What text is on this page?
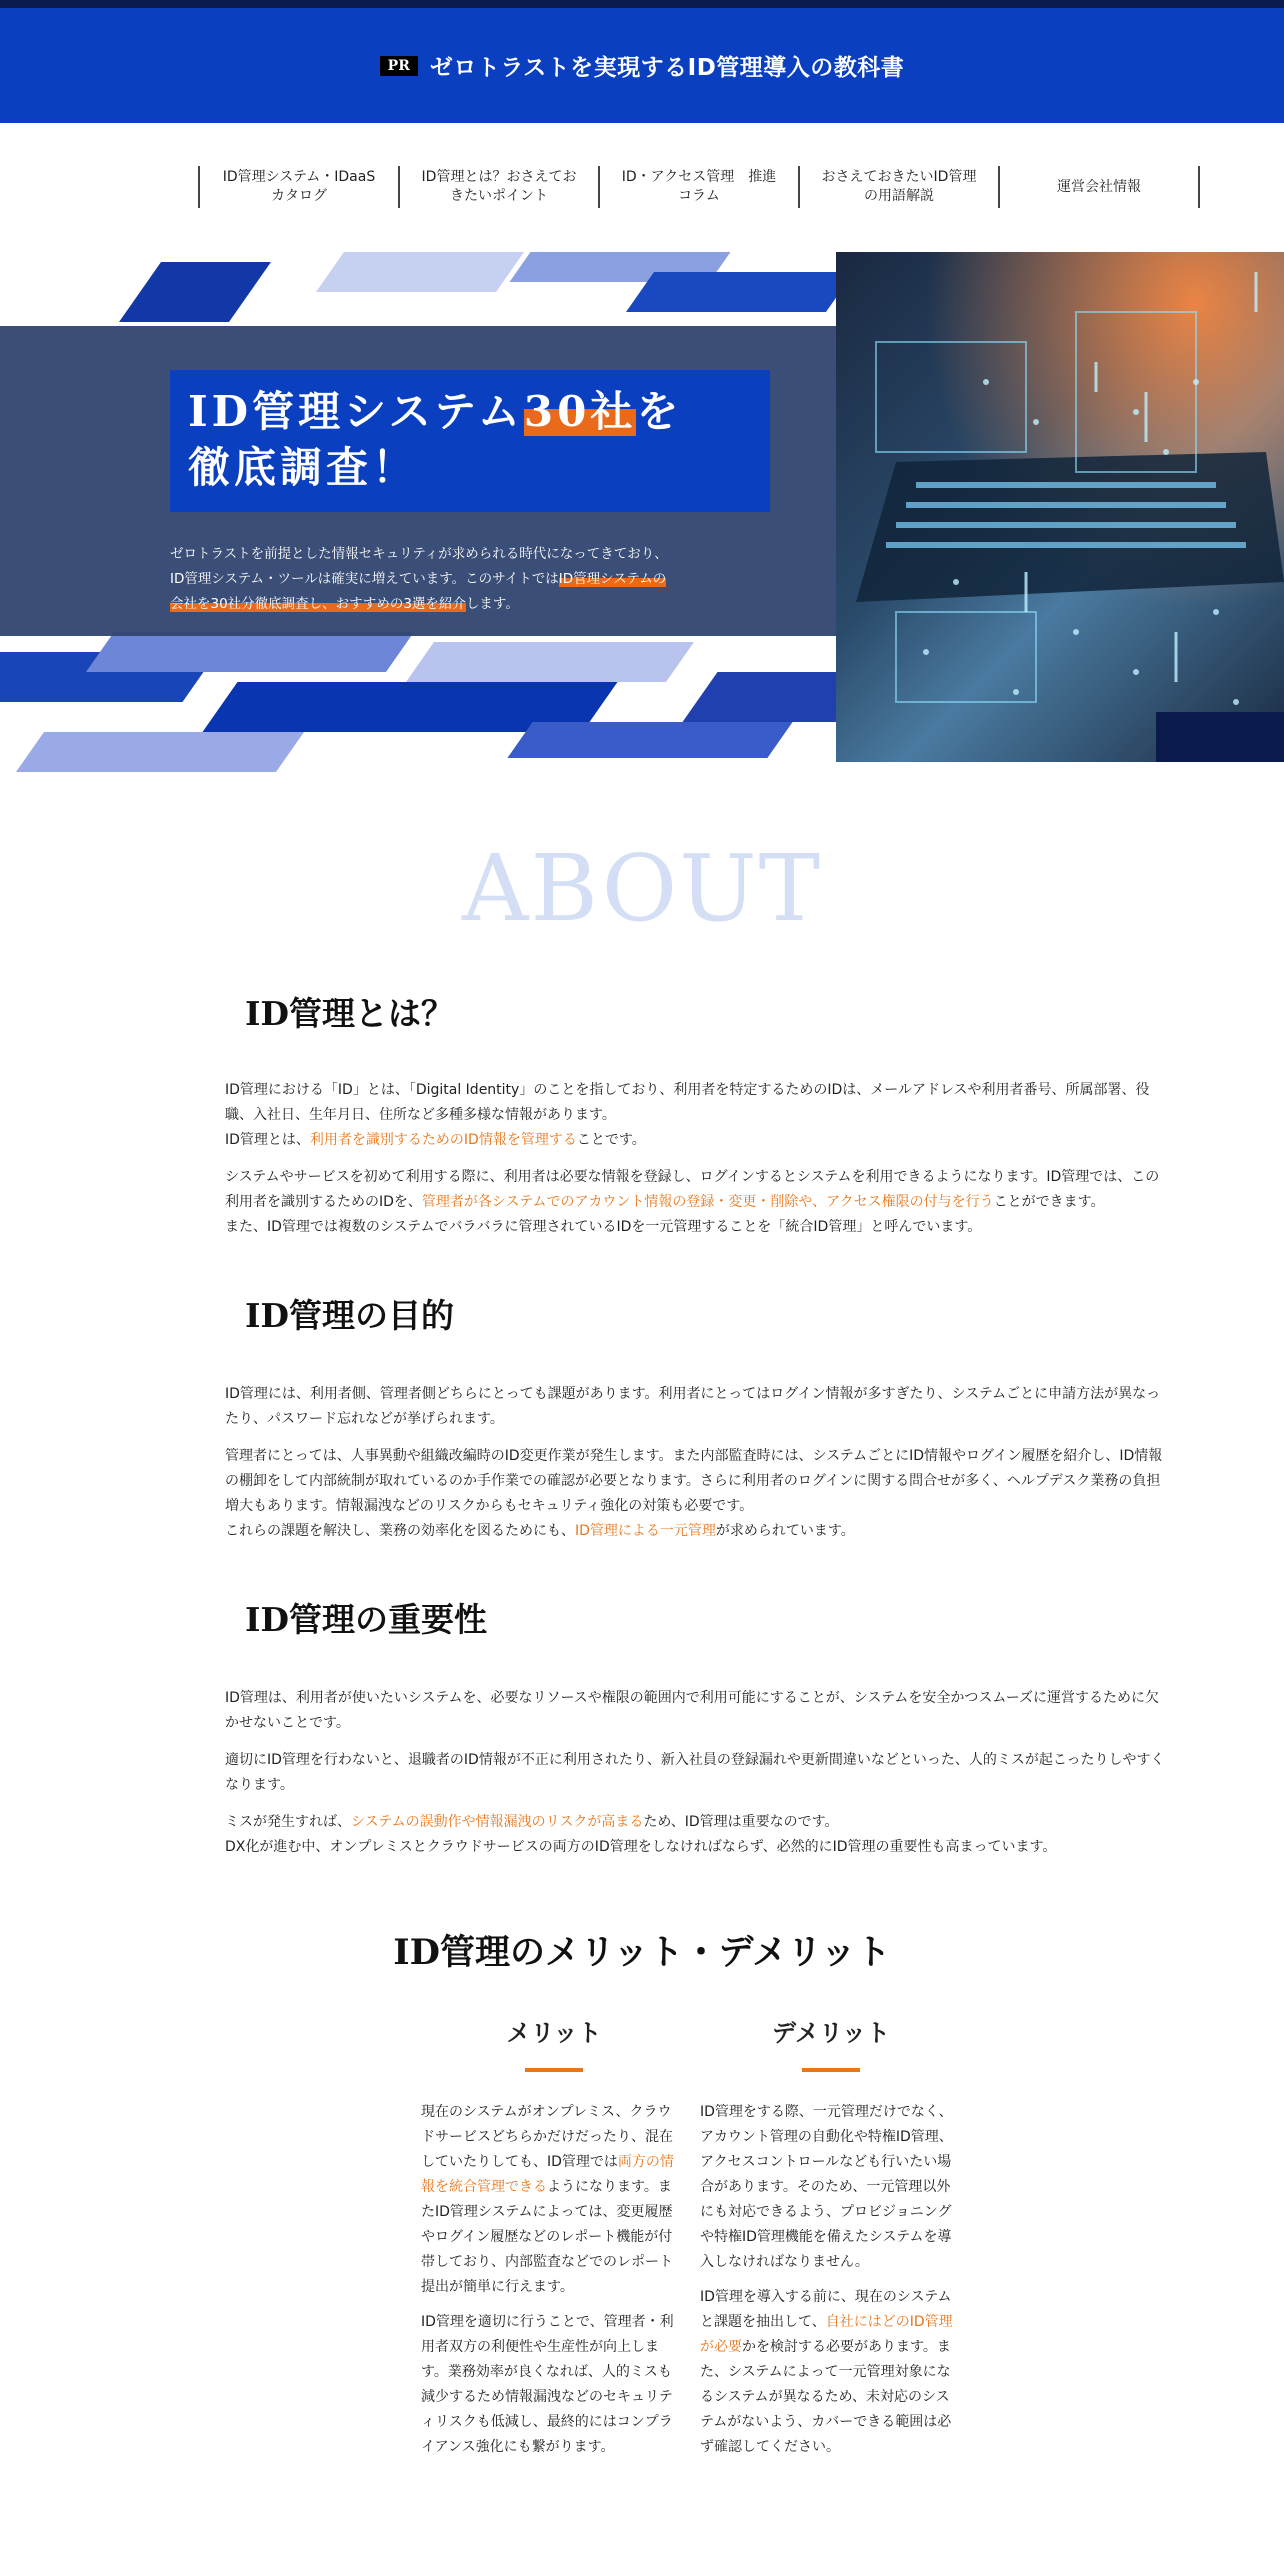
PR ゼロトラストを実現するID管理導入の教科書
ID管理システム・IDaaS
カタログ
ID管理とは？おさえてお
きたいポイント
ID・アクセス管理　推進
コラム
おさえておきたいID管理
の用語解説
運営会社情報
ID管理システム30社を
徹底調査！
ゼロトラストを前提とした情報セキュリティが求められる時代になってきており、ID管理システム・ツールは確実に増えています。このサイトではID管理システムの会社を30社分徹底調査し、おすすめの3選を紹介します。
ABOUT
ID管理とは？
ID管理における「ID」とは、「Digital Identity」のことを指しており、利用者を特定するためのIDは、メールアドレスや利用者番号、所属部署、役職、入社日、生年月日、住所など多種多様な情報があります。
ID管理とは、利用者を識別するためのID情報を管理することです。
システムやサービスを初めて利用する際に、利用者は必要な情報を登録し、ログインするとシステムを利用できるようになります。ID管理では、この利用者を識別するためのIDを、管理者が各システムでのアカウント情報の登録・変更・削除や、アクセス権限の付与を行うことができます。
また、ID管理では複数のシステムでバラバラに管理されているIDを一元管理することを「統合ID管理」と呼んでいます。
ID管理の目的
ID管理には、利用者側、管理者側どちらにとっても課題があります。利用者にとってはログイン情報が多すぎたり、システムごとに申請方法が異なったり、パスワード忘れなどが挙げられます。
管理者にとっては、人事異動や組織改編時のID変更作業が発生します。また内部監査時には、システムごとにID情報やログイン履歴を紹介し、ID情報の棚卸をして内部統制が取れているのか手作業での確認が必要となります。さらに利用者のログインに関する問合せが多く、ヘルプデスク業務の負担増大もあります。情報漏洩などのリスクからもセキュリティ強化の対策も必要です。
これらの課題を解決し、業務の効率化を図るためにも、ID管理による一元管理が求められています。
ID管理の重要性
ID管理は、利用者が使いたいシステムを、必要なリソースや権限の範囲内で利用可能にすることが、システムを安全かつスムーズに運営するために欠かせないことです。
適切にID管理を行わないと、退職者のID情報が不正に利用されたり、新入社員の登録漏れや更新間違いなどといった、人的ミスが起こったりしやすくなります。
ミスが発生すれば、システムの誤動作や情報漏洩のリスクが高まるため、ID管理は重要なのです。
DX化が進む中、オンプレミスとクラウドサービスの両方のID管理をしなければならず、必然的にID管理の重要性も高まっています。
ID管理のメリット・デメリット
メリット	デメリット
現在のシステムがオンプレミス、クラウドサービスどちらかだけだったり、混在していたりしても、ID管理では両方の情報を統合管理できるようになります。またID管理システムによっては、変更履歴やログイン履歴などのレポート機能が付帯しており、内部監査などでのレポート提出が簡単に行えます。
ID管理を適切に行うことで、管理者・利用者双方の利便性や生産性が向上します。業務効率が良くなれば、人的ミスも減少するため情報漏洩などのセキュリティリスクも低減し、最終的にはコンプライアンス強化にも繋がります。
ID管理をする際、一元管理だけでなく、アカウント管理の自動化や特権ID管理、アクセスコントロールなども行いたい場合があります。そのため、一元管理以外にも対応できるよう、プロビジョニングや特権ID管理機能を備えたシステムを導入しなければなりません。
ID管理を導入する前に、現在のシステムと課題を抽出して、自社にはどのID管理が必要かを検討する必要があります。また、システムによって一元管理対象になるシステムが異なるため、未対応のシステムがないよう、カバーできる範囲は必ず確認してください。
